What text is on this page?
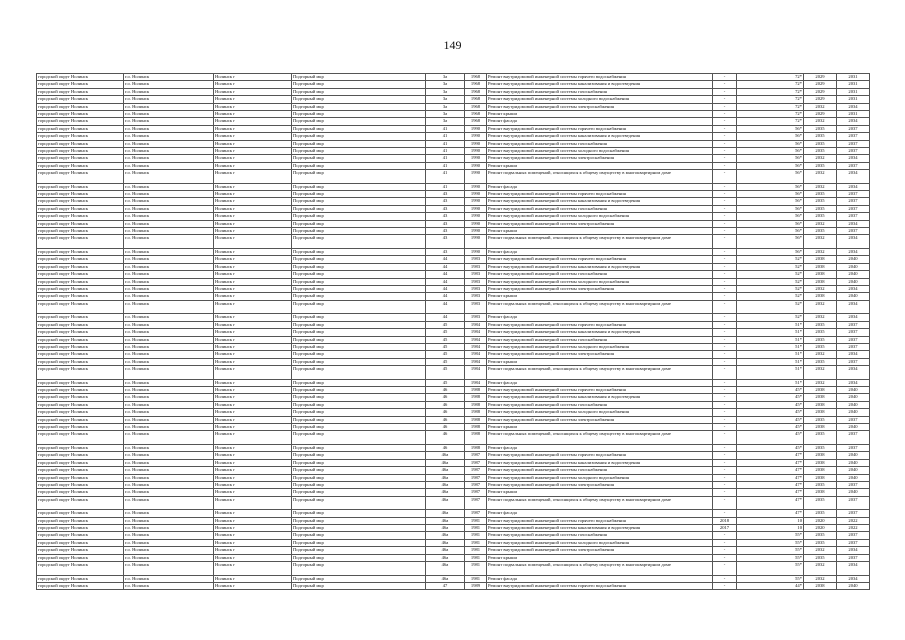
149
городской округ Нолинск	г.о. Нолинск	Нолинск г	Подгорный мкр	3а	1968	Ремонт внутридомовой инженерной системы горячего водоснабжения	-	72*	2029	2031
городской округ Нолинск	г.о. Нолинск	Нолинск г	Подгорный мкр	3а	1968	Ремонт внутридомовой инженерной системы канализования и водоотведения	-	72*	2029	2031
городской округ Нолинск	г.о. Нолинск	Нолинск г	Подгорный мкр	3а	1968	Ремонт внутридомовой инженерной системы газоснабжения	-	72*	2029	2031
городской округ Нолинск	г.о. Нолинск	Нолинск г	Подгорный мкр	3а	1968	Ремонт внутридомовой инженерной системы холодного водоснабжения	-	72*	2029	2031
городской округ Нолинск	г.о. Нолинск	Нолинск г	Подгорный мкр	3а	1968	Ремонт внутридомовой инженерной системы электроснабжения	-	72*	2032	2034
городской округ Нолинск	г.о. Нолинск	Нолинск г	Подгорный мкр	3а	1968	Ремонт крыши	-	72*	2029	2031
городской округ Нолинск	г.о. Нолинск	Нолинск г	Подгорный мкр	3а	1968	Ремонт фасада	-	72*	2032	2034
городской округ Нолинск	г.о. Нолинск	Нолинск г	Подгорный мкр	41	1990	Ремонт внутридомовой инженерной системы горячего водоснабжения	-	56*	2035	2037
городской округ Нолинск	г.о. Нолинск	Нолинск г	Подгорный мкр	41	1990	Ремонт внутридомовой инженерной системы канализования и водоотведения	-	56*	2035	2037
городской округ Нолинск	г.о. Нолинск	Нолинск г	Подгорный мкр	41	1990	Ремонт внутридомовой инженерной системы газоснабжения	-	56*	2035	2037
городской округ Нолинск	г.о. Нолинск	Нолинск г	Подгорный мкр	41	1990	Ремонт внутридомовой инженерной системы холодного водоснабжения	-	56*	2035	2037
городской округ Нолинск	г.о. Нолинск	Нолинск г	Подгорный мкр	41	1990	Ремонт внутридомовой инженерной системы электроснабжения	-	56*	2032	2034
городской округ Нолинск	г.о. Нолинск	Нолинск г	Подгорный мкр	41	1990	Ремонт крыши	-	56*	2035	2037
городской округ Нолинск	г.о. Нолинск	Нолинск г	Подгорный мкр	41	1990	Ремонт подвальных помещений, относящихся к общему имуществу в многоквартирном доме	-	56*	2032	2034
городской округ Нолинск	г.о. Нолинск	Нолинск г	Подгорный мкр	41	1990	Ремонт фасада	-	56*	2032	2034
городской округ Нолинск	г.о. Нолинск	Нолинск г	Подгорный мкр	43	1990	Ремонт внутридомовой инженерной системы горячего водоснабжения	-	56*	2035	2037
городской округ Нолинск	г.о. Нолинск	Нолинск г	Подгорный мкр	43	1990	Ремонт внутридомовой инженерной системы канализования и водоотведения	-	56*	2035	2037
городской округ Нолинск	г.о. Нолинск	Нолинск г	Подгорный мкр	43	1990	Ремонт внутридомовой инженерной системы газоснабжения	-	56*	2035	2037
городской округ Нолинск	г.о. Нолинск	Нолинск г	Подгорный мкр	43	1990	Ремонт внутридомовой инженерной системы холодного водоснабжения	-	56*	2035	2037
городской округ Нолинск	г.о. Нолинск	Нолинск г	Подгорный мкр	43	1990	Ремонт внутридомовой инженерной системы электроснабжения	-	56*	2032	2034
городской округ Нолинск	г.о. Нолинск	Нолинск г	Подгорный мкр	43	1990	Ремонт крыши	-	56*	2035	2037
городской округ Нолинск	г.о. Нолинск	Нолинск г	Подгорный мкр	43	1990	Ремонт подвальных помещений, относящихся к общему имуществу в многоквартирном доме	-	56*	2032	2034
городской округ Нолинск	г.о. Нолинск	Нолинск г	Подгорный мкр	43	1990	Ремонт фасада	-	56*	2032	2034
городской округ Нолинск	г.о. Нолинск	Нолинск г	Подгорный мкр	44	1983	Ремонт внутридомовой инженерной системы горячего водоснабжения	-	52*	2038	2040
городской округ Нолинск	г.о. Нолинск	Нолинск г	Подгорный мкр	44	1983	Ремонт внутридомовой инженерной системы канализования и водоотведения	-	52*	2038	2040
городской округ Нолинск	г.о. Нолинск	Нолинск г	Подгорный мкр	44	1983	Ремонт внутридомовой инженерной системы газоснабжения	-	52*	2038	2040
городской округ Нолинск	г.о. Нолинск	Нолинск г	Подгорный мкр	44	1983	Ремонт внутридомовой инженерной системы холодного водоснабжения	-	52*	2038	2040
городской округ Нолинск	г.о. Нолинск	Нолинск г	Подгорный мкр	44	1983	Ремонт внутридомовой инженерной системы электроснабжения	-	52*	2032	2034
городской округ Нолинск	г.о. Нолинск	Нолинск г	Подгорный мкр	44	1983	Ремонт крыши	-	52*	2038	2040
городской округ Нолинск	г.о. Нолинск	Нолинск г	Подгорный мкр	44	1983	Ремонт подвальных помещений, относящихся к общему имуществу в многоквартирном доме	-	52*	2032	2034
городской округ Нолинск	г.о. Нолинск	Нолинск г	Подгорный мкр	44	1983	Ремонт фасада	-	52*	2032	2034
городской округ Нолинск	г.о. Нолинск	Нолинск г	Подгорный мкр	45	1984	Ремонт внутридомовой инженерной системы горячего водоснабжения	-	51*	2035	2037
городской округ Нолинск	г.о. Нолинск	Нолинск г	Подгорный мкр	45	1984	Ремонт внутридомовой инженерной системы канализования и водоотведения	-	51*	2035	2037
городской округ Нолинск	г.о. Нолинск	Нолинск г	Подгорный мкр	45	1984	Ремонт внутридомовой инженерной системы газоснабжения	-	51*	2035	2037
городской округ Нолинск	г.о. Нолинск	Нолинск г	Подгорный мкр	45	1984	Ремонт внутридомовой инженерной системы холодного водоснабжения	-	51*	2035	2037
городской округ Нолинск	г.о. Нолинск	Нолинск г	Подгорный мкр	45	1984	Ремонт внутридомовой инженерной системы электроснабжения	-	51*	2032	2034
городской округ Нолинск	г.о. Нолинск	Нолинск г	Подгорный мкр	45	1984	Ремонт крыши	-	51*	2035	2037
городской округ Нолинск	г.о. Нолинск	Нолинск г	Подгорный мкр	45	1984	Ремонт подвальных помещений, относящихся к общему имуществу в многоквартирном доме	-	51*	2032	2034
городской округ Нолинск	г.о. Нолинск	Нолинск г	Подгорный мкр	45	1984	Ремонт фасада	-	51*	2032	2034
городской округ Нолинск	г.о. Нолинск	Нолинск г	Подгорный мкр	46	1988	Ремонт внутридомовой инженерной системы горячего водоснабжения	-	45*	2038	2040
городской округ Нолинск	г.о. Нолинск	Нолинск г	Подгорный мкр	46	1988	Ремонт внутридомовой инженерной системы канализования и водоотведения	-	45*	2038	2040
городской округ Нолинск	г.о. Нолинск	Нолинск г	Подгорный мкр	46	1988	Ремонт внутридомовой инженерной системы газоснабжения	-	45*	2038	2040
городской округ Нолинск	г.о. Нолинск	Нолинск г	Подгорный мкр	46	1988	Ремонт внутридомовой инженерной системы холодного водоснабжения	-	45*	2038	2040
городской округ Нолинск	г.о. Нолинск	Нолинск г	Подгорный мкр	46	1988	Ремонт внутридомовой инженерной системы электроснабжения	-	45*	2035	2037
городской округ Нолинск	г.о. Нолинск	Нолинск г	Подгорный мкр	46	1988	Ремонт крыши	-	45*	2038	2040
городской округ Нолинск	г.о. Нолинск	Нолинск г	Подгорный мкр	46	1988	Ремонт подвальных помещений, относящихся к общему имуществу в многоквартирном доме	-	45*	2035	2037
городской округ Нолинск	г.о. Нолинск	Нолинск г	Подгорный мкр	46	1988	Ремонт фасада	-	45*	2035	2037
городской округ Нолинск	г.о. Нолинск	Нолинск г	Подгорный мкр	46а	1987	Ремонт внутридомовой инженерной системы горячего водоснабжения	-	47*	2038	2040
городской округ Нолинск	г.о. Нолинск	Нолинск г	Подгорный мкр	46а	1987	Ремонт внутридомовой инженерной системы канализования и водоотведения	-	47*	2038	2040
городской округ Нолинск	г.о. Нолинск	Нолинск г	Подгорный мкр	46а	1987	Ремонт внутридомовой инженерной системы газоснабжения	-	47*	2038	2040
городской округ Нолинск	г.о. Нолинск	Нолинск г	Подгорный мкр	46а	1987	Ремонт внутридомовой инженерной системы холодного водоснабжения	-	47*	2038	2040
городской округ Нолинск	г.о. Нолинск	Нолинск г	Подгорный мкр	46а	1987	Ремонт внутридомовой инженерной системы электроснабжения	-	47*	2035	2037
городской округ Нолинск	г.о. Нолинск	Нолинск г	Подгорный мкр	46а	1987	Ремонт крыши	-	47*	2038	2040
городской округ Нолинск	г.о. Нолинск	Нолинск г	Подгорный мкр	46а	1987	Ремонт подвальных помещений, относящихся к общему имуществу в многоквартирном доме	-	47*	2035	2037
городской округ Нолинск	г.о. Нолинск	Нолинск г	Подгорный мкр	46а	1987	Ремонт фасада	-	47*	2035	2037
городской округ Нолинск	г.о. Нолинск	Нолинск г	Подгорный мкр	46а	1981	Ремонт внутридомовой инженерной системы горячего водоснабжения	2018	10	2020	2022
городской округ Нолинск	г.о. Нолинск	Нолинск г	Подгорный мкр	46а	1981	Ремонт внутридомовой инженерной системы канализования и водоотведения	2017	10	2020	2022
городской округ Нолинск	г.о. Нолинск	Нолинск г	Подгорный мкр	46а	1981	Ремонт внутридомовой инженерной системы газоснабжения	-	55*	2035	2037
городской округ Нолинск	г.о. Нолинск	Нолинск г	Подгорный мкр	46а	1981	Ремонт внутридомовой инженерной системы холодного водоснабжения	-	55*	2035	2037
городской округ Нолинск	г.о. Нолинск	Нолинск г	Подгорный мкр	46а	1981	Ремонт внутридомовой инженерной системы электроснабжения	-	55*	2032	2034
городской округ Нолинск	г.о. Нолинск	Нолинск г	Подгорный мкр	46а	1981	Ремонт крыши	-	55*	2035	2037
городской округ Нолинск	г.о. Нолинск	Нолинск г	Подгорный мкр	46а	1981	Ремонт подвальных помещений, относящихся к общему имуществу в многоквартирном доме	-	55*	2032	2034
городской округ Нолинск	г.о. Нолинск	Нолинск г	Подгорный мкр	46а	1981	Ремонт фасада	-	55*	2032	2034
городской округ Нолинск	г.о. Нолинск	Нолинск г	Подгорный мкр	47	1989	Ремонт внутридомовой инженерной системы горячего водоснабжения	-	44*	2038	2040
